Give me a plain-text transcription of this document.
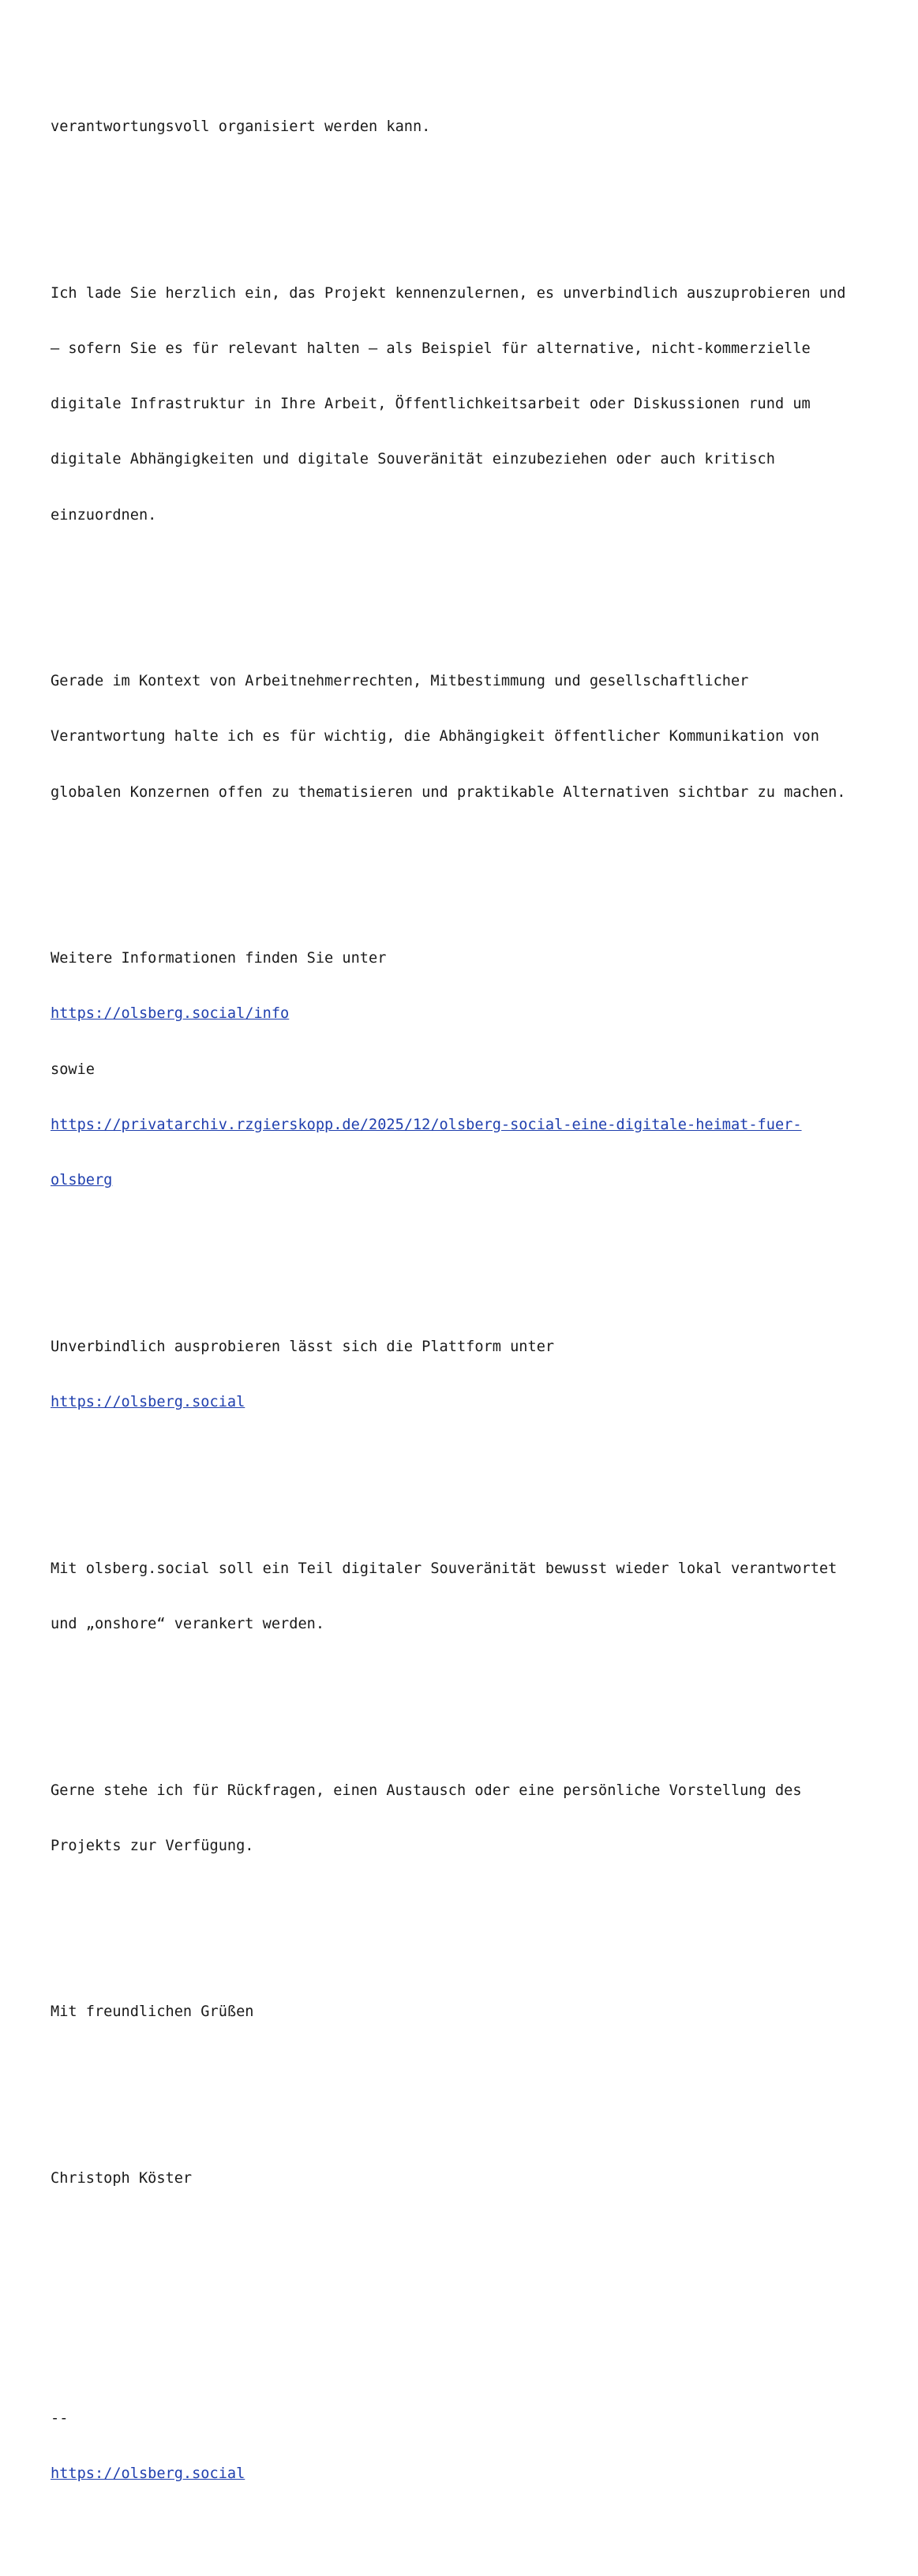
verantwortungsvoll organisiert werden kann.

Ich lade Sie herzlich ein, das Projekt kennenzulernen, es unverbindlich auszuprobieren und

– sofern Sie es für relevant halten – als Beispiel für alternative, nicht-kommerzielle

digitale Infrastruktur in Ihre Arbeit, Öffentlichkeitsarbeit oder Diskussionen rund um

digitale Abhängigkeiten und digitale Souveränität einzubeziehen oder auch kritisch

einzuordnen.

Gerade im Kontext von Arbeitnehmerrechten, Mitbestimmung und gesellschaftlicher

Verantwortung halte ich es für wichtig, die Abhängigkeit öffentlicher Kommunikation von

globalen Konzernen offen zu thematisieren und praktikable Alternativen sichtbar zu machen.

Weitere Informationen finden Sie unter

https://olsberg.social/info

sowie

https://privatarchiv.rzgierskopp.de/2025/12/olsberg-social-eine-digitale-heimat-fuer-

olsberg

Unverbindlich ausprobieren lässt sich die Plattform unter

https://olsberg.social

Mit olsberg.social soll ein Teil digitaler Souveränität bewusst wieder lokal verantwortet

und „onshore“ verankert werden.

Gerne stehe ich für Rückfragen, einen Austausch oder eine persönliche Vorstellung des

Projekts zur Verfügung.

Mit freundlichen Grüßen

Christoph Köster

--

https://olsberg.social
